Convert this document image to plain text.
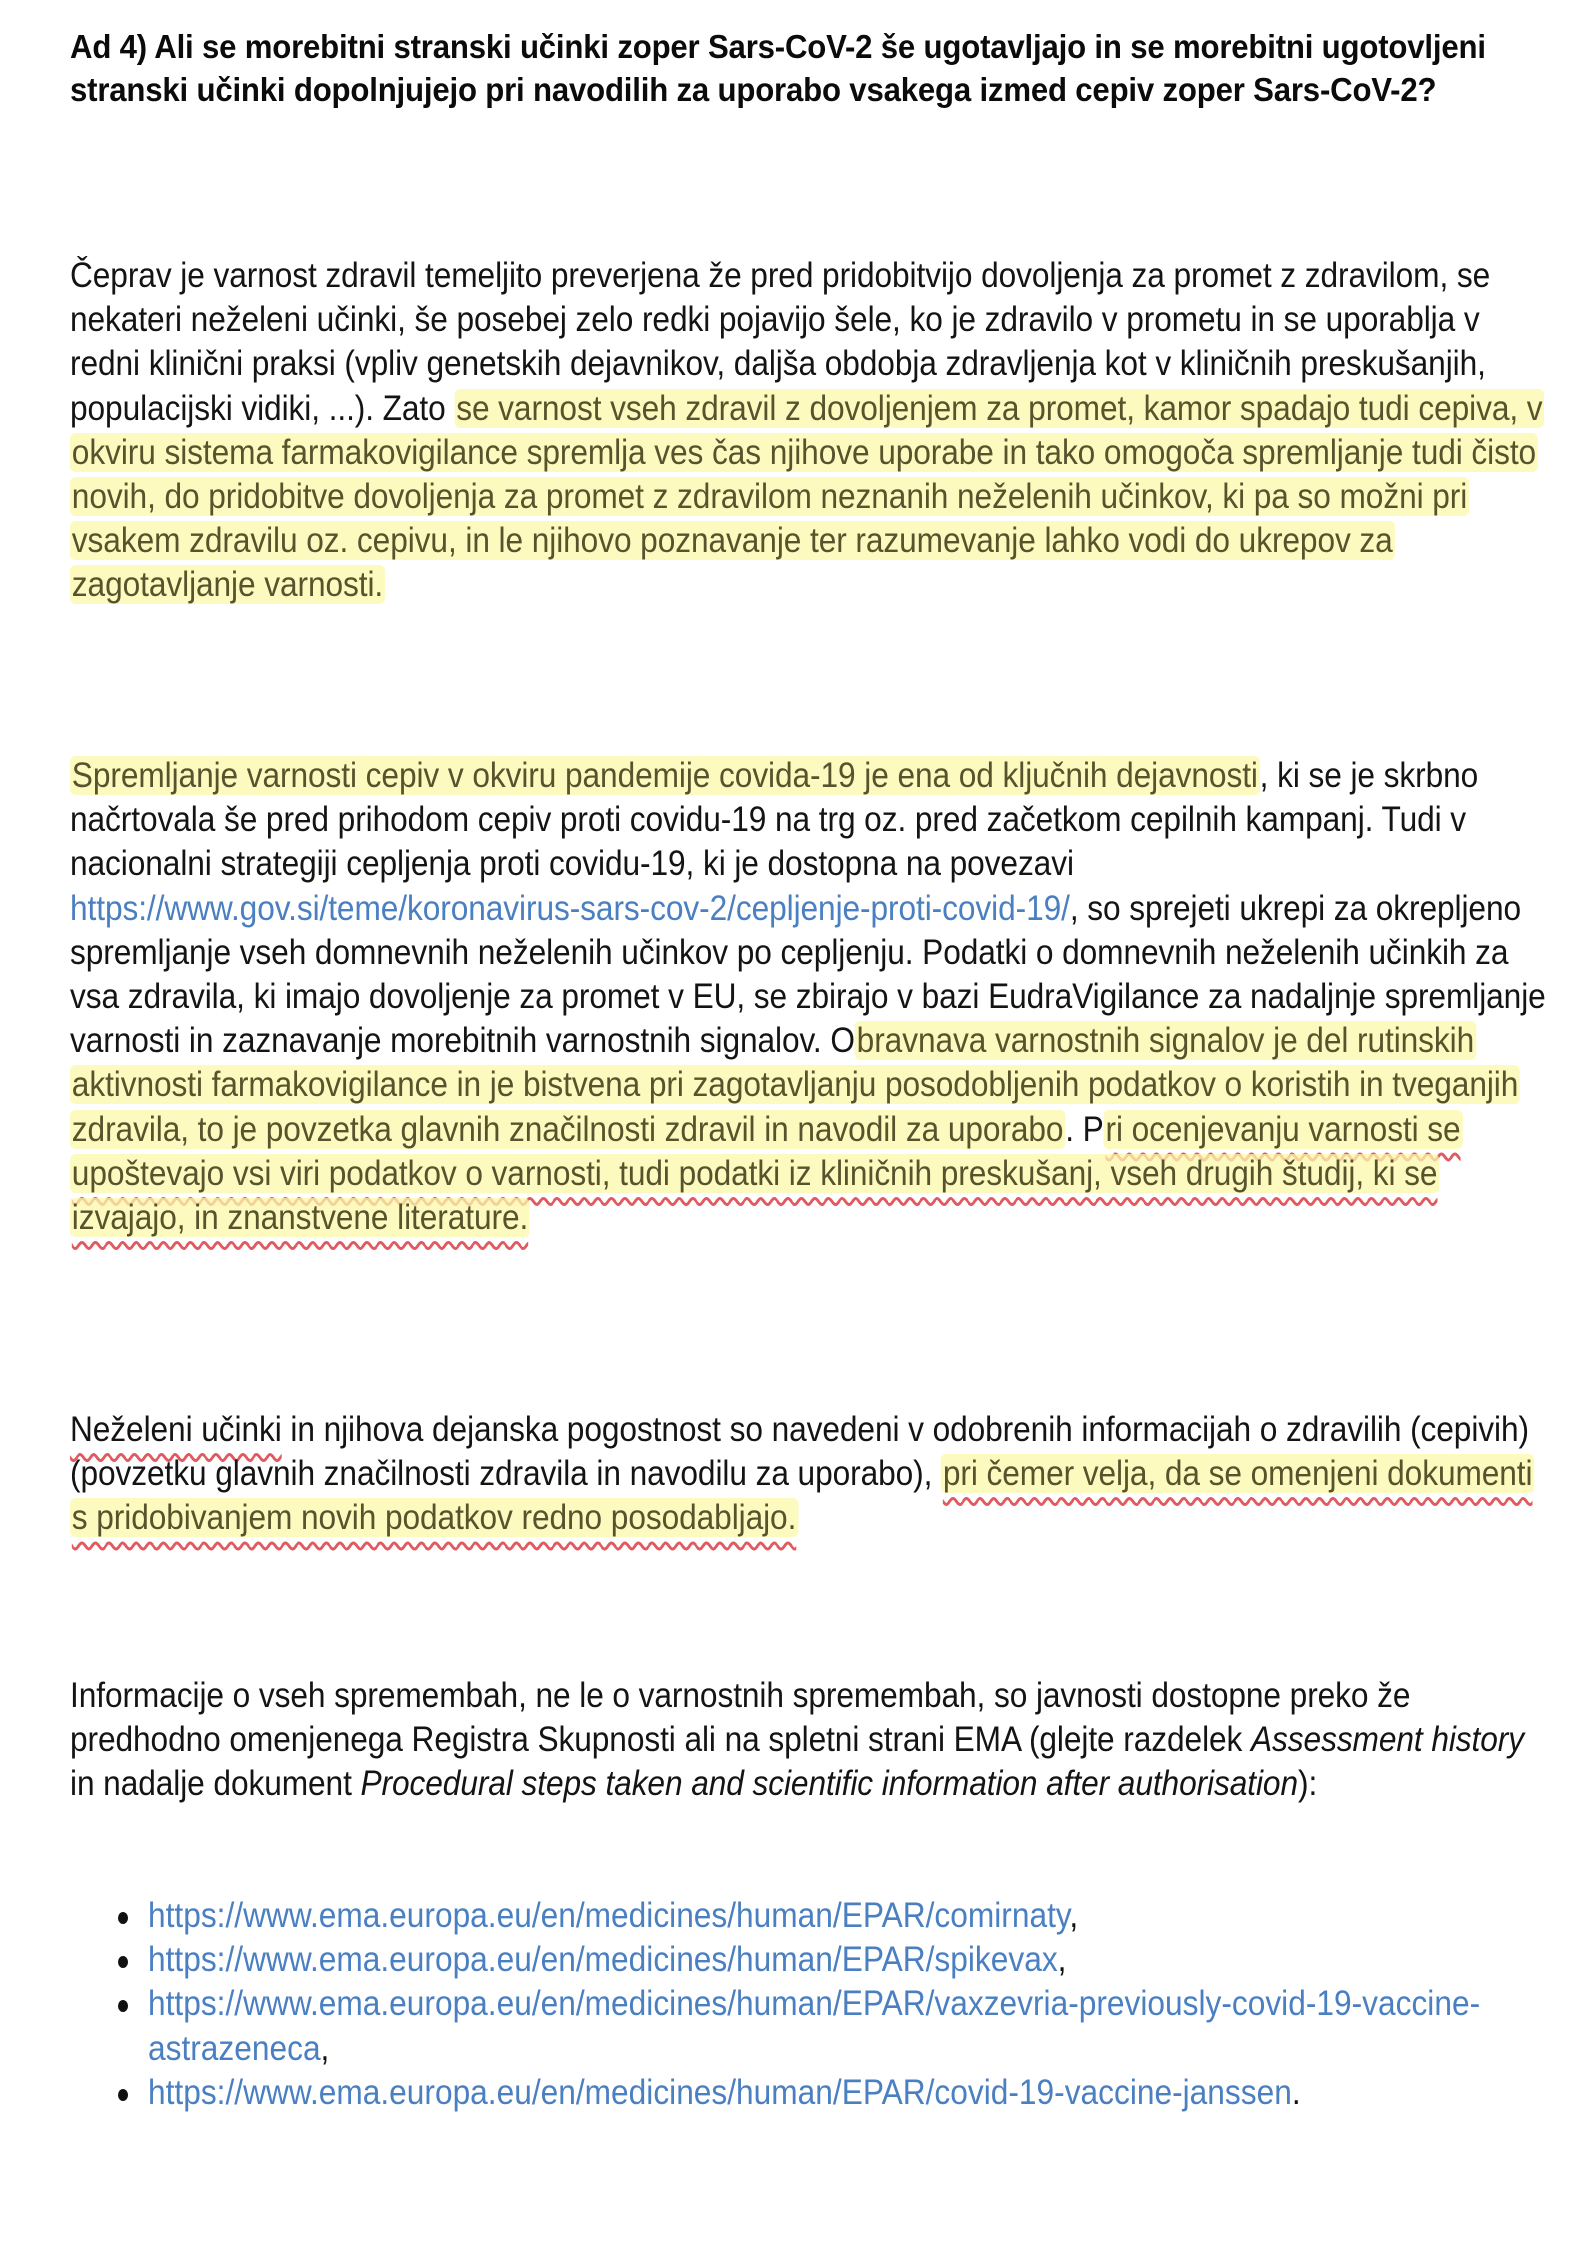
Ad 4) Ali se morebitni stranski učinki zoper Sars-CoV-2 še ugotavljajo in se morebitni ugotovljeni stranski učinki dopolnjujejo pri navodilih za uporabo vsakega izmed cepiv zoper Sars-CoV-2?

Čeprav je varnost zdravil temeljito preverjena že pred pridobitvijo dovoljenja za promet z zdravilom, se nekateri neželeni učinki, še posebej zelo redki pojavijo šele, ko je zdravilo v prometu in se uporablja v redni klinični praksi (vpliv genetskih dejavnikov, daljša obdobja zdravljenja kot v kliničnih preskušanjih, populacijski vidiki, ...). Zato se varnost vseh zdravil z dovoljenjem za promet, kamor spadajo tudi cepiva, v okviru sistema farmakovigilance spremlja ves čas njihove uporabe in tako omogoča spremljanje tudi čisto novih, do pridobitve dovoljenja za promet z zdravilom neznanih neželenih učinkov, ki pa so možni pri vsakem zdravilu oz. cepivu, in le njihovo poznavanje ter razumevanje lahko vodi do ukrepov za zagotavljanje varnosti.

Spremljanje varnosti cepiv v okviru pandemije covida-19 je ena od ključnih dejavnosti, ki se je skrbno načrtovala še pred prihodom cepiv proti covidu-19 na trg oz. pred začetkom cepilnih kampanj. Tudi v nacionalni strategiji cepljenja proti covidu-19, ki je dostopna na povezavi https://www.gov.si/teme/koronavirus-sars-cov-2/cepljenje-proti-covid-19/, so sprejeti ukrepi za okrepljeno spremljanje vseh domnevnih neželenih učinkov po cepljenju. Podatki o domnevnih neželenih učinkih za vsa zdravila, ki imajo dovoljenje za promet v EU, se zbirajo v bazi EudraVigilance za nadaljnje spremljanje varnosti in zaznavanje morebitnih varnostnih signalov. Obravnava varnostnih signalov je del rutinskih aktivnosti farmakovigilance in je bistvena pri zagotavljanju posodobljenih podatkov o koristih in tveganjih zdravila, to je povzetka glavnih značilnosti zdravil in navodil za uporabo. Pri ocenjevanju varnosti se upoštevajo vsi viri podatkov o varnosti, tudi podatki iz kliničnih preskušanj, vseh drugih študij, ki se izvajajo, in znanstvene literature.

Neželeni učinki in njihova dejanska pogostnost so navedeni v odobrenih informacijah o zdravilih (cepivih) (povzetku glavnih značilnosti zdravila in navodilu za uporabo), pri čemer velja, da se omenjeni dokumenti s pridobivanjem novih podatkov redno posodabljajo.

Informacije o vseh spremembah, ne le o varnostnih spremembah, so javnosti dostopne preko že predhodno omenjenega Registra Skupnosti ali na spletni strani EMA (glejte razdelek Assessment history in nadalje dokument Procedural steps taken and scientific information after authorisation):

https://www.ema.europa.eu/en/medicines/human/EPAR/comirnaty,
https://www.ema.europa.eu/en/medicines/human/EPAR/spikevax,
https://www.ema.europa.eu/en/medicines/human/EPAR/vaxzevria-previously-covid-19-vaccine-astrazeneca,
https://www.ema.europa.eu/en/medicines/human/EPAR/covid-19-vaccine-janssen.
